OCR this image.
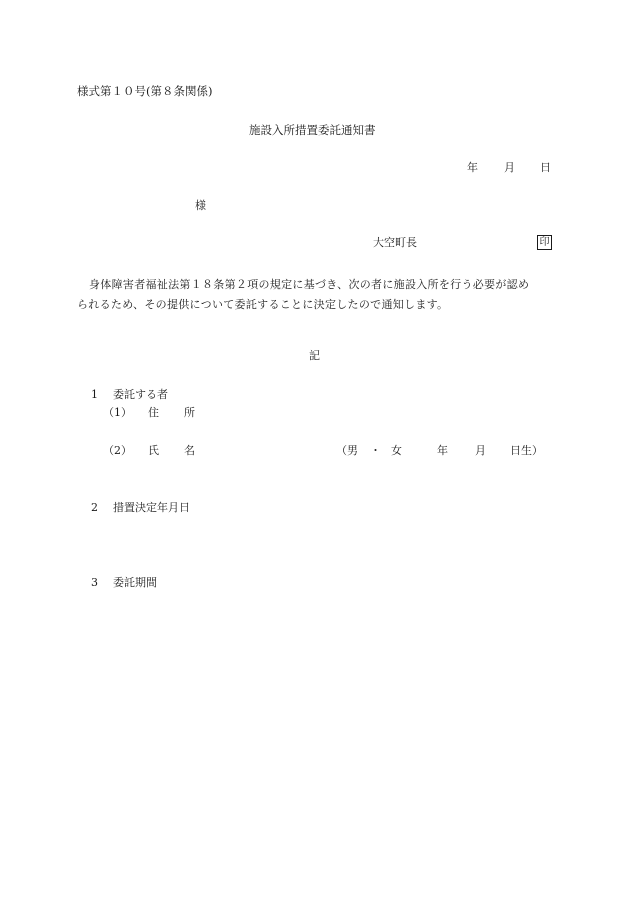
様式第１０号(第８条関係)
施設入所措置委託通知書
年 月 日
様
大空町長	印

身体障害者福祉法第１８条第２項の規定に基づき、次の者に施設入所を行う必要が認め

られるため、その提供について委託することに決定したので通知します。

記
1 委託する者
（1） 住 所
（2） 氏 名	（男 ・ 女	年 月 日生）
2 措置決定年月日
3 委託期間
